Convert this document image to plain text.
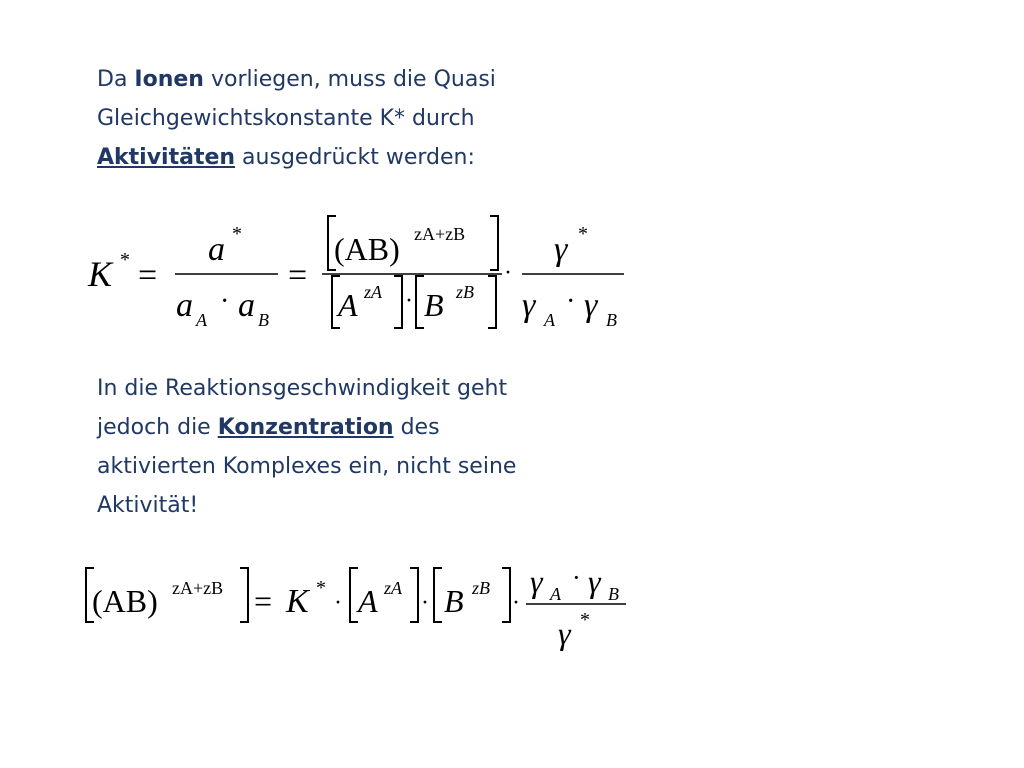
Da Ionen vorliegen, muss die Quasi
Gleichgewichtskonstante K* durch
Aktivitäten ausgedrückt werden:
K * =
a *
a A
· a B
=
(AB) zA+zB
A zA · B zB
·
γ *
γ A
· γ B
(AB) zA+zB = K *
· A zA
· B zB
·
γ A
· γ B
γ *
In die Reaktionsgeschwindigkeit geht
jedoch die Konzentration des
aktivierten Komplexes ein, nicht seine
Aktivität!
